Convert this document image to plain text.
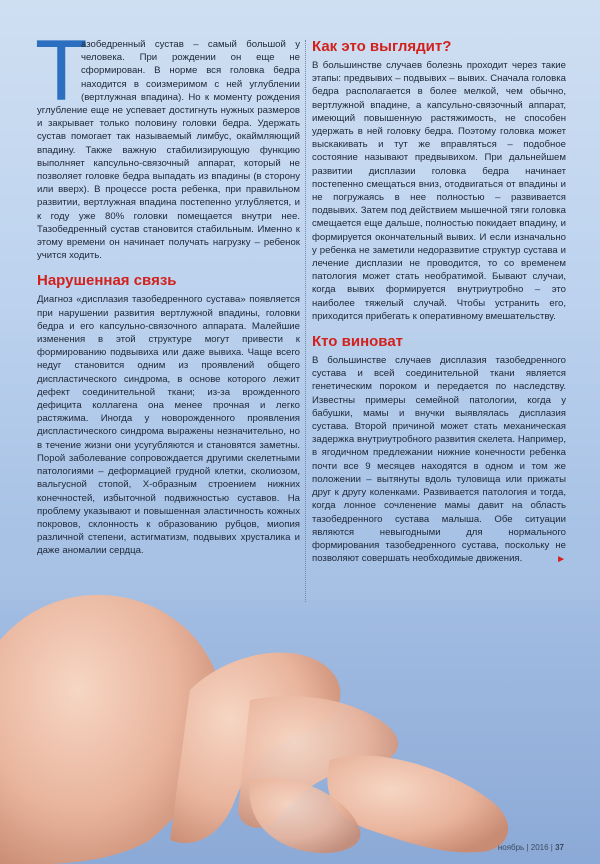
Т
азобедренный сустав – самый большой у человека. При рождении он еще не сформирован. В норме вся головка бедра находится в соизмеримом с ней углублении (вертлужная впадина). Но к моменту рождения углубление еще не успевает достигнуть нужных размеров и закрывает только половину головки бедра. Удержать сустав помогает так называемый лимбус, окаймляющий впадину. Также важную стабилизирующую функцию выполняет капсульно-связочный аппарат, который не позволяет головке бедра выпадать из впадины (в сторону или вверх). В процессе роста ребенка, при правильном развитии, вертлужная впадина постепенно углубляется, и к году уже 80% головки помещается внутри нее. Тазобедренный сустав становится стабильным. Именно к этому времени он начинает получать нагрузку – ребенок учится ходить.

Нарушенная связь

Диагноз «дисплазия тазобедренного сустава» появляется при нарушении развития вертлужной впадины, головки бедра и его капсульно-связочного аппарата. Малейшие изменения в этой структуре могут привести к формированию подвывиха или даже вывиха. Чаще всего недуг становится одним из проявлений общего диспластического синдрома, в основе которого лежит дефект соединительной ткани; из-за врожденного дефицита коллагена она менее прочная и легко растяжима. Иногда у новорожденного проявления диспластического синдрома выражены незначительно, но в течение жизни они усугубляются и становятся заметны. Порой заболевание сопровождается другими скелетными патологиями – деформацией грудной клетки, сколиозом, вальгусной стопой, Х-образным строением нижних конечностей, избыточной подвижностью суставов. На проблему указывают и повышенная эластичность кожных покровов, склонность к образованию рубцов, миопия различной степени, астигматизм, подвывих хрусталика и даже аномалии сердца.

Как это выглядит?

В большинстве случаев болезнь проходит через такие этапы: предвывих – подвывих – вывих. Сначала головка бедра располагается в более мелкой, чем обычно, вертлужной впадине, а капсульно-связочный аппарат, имеющий повышенную растяжимость, не способен удержать в ней головку бедра. Поэтому головка может выскакивать и тут же вправляться – подобное состояние называют предвывихом. При дальнейшем развитии дисплазии головка бедра начинает постепенно смещаться вниз, отодвигаться от впадины и не погружаясь в нее полностью – развивается подвывих. Затем под действием мышечной тяги головка смещается еще дальше, полностью покидает впадину, и формируется окончательный вывих. И если изначально у ребенка не заметили недоразвитие структур сустава и лечение дисплазии не проводится, то со временем патология может стать необратимой. Бывают случаи, когда вывих формируется внутриутробно – это наиболее тяжелый случай. Чтобы устранить его, приходится прибегать к оперативному вмешательству.

Кто виноват

В большинстве случаев дисплазия тазобедренного сустава и всей соединительной ткани является генетическим пороком и передается по наследству. Известны примеры семейной патологии, когда у бабушки, мамы и внучки выявлялась дисплазия сустава. Второй причиной может стать механическая задержка внутриутробного развития скелета. Например, в ягодичном предлежании нижние конечности ребенка почти все 9 месяцев находятся в одном и том же положении – вытянуты вдоль туловища или прижаты друг к другу коленками. Развивается патология и тогда, когда лонное сочленение мамы давит на область тазобедренного сустава малыша. Обе ситуации являются невыгодными для нормального формирования тазобедренного сустава, поскольку не позволяют совершать необходимые движения.	►
ноябрь | 2016 | 37
